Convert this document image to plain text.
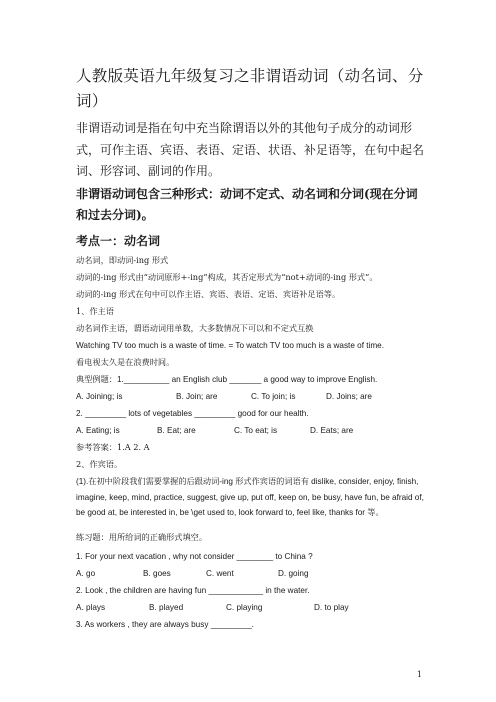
人教版英语九年级复习之非谓语动词（动名词、分词）
非谓语动词是指在句中充当除谓语以外的其他句子成分的动词形式，可作主语、宾语、表语、定语、状语、补足语等，在句中起名词、形容词、副词的作用。
非谓语动词包含三种形式：动词不定式、动名词和分词(现在分词和过去分词)。
考点一：动名词
动名词，即动词-ing 形式
动词的-ing 形式由“动词原形+-ing”构成，其否定形式为“not+动词的-ing 形式”。
动词的-ing 形式在句中可以作主语、宾语、表语、定语、宾语补足语等。
1、作主语
动名词作主语，谓语动词用单数，大多数情况下可以和不定式互换
Watching TV too much is a waste of time. = To watch TV too much is a waste of time.
看电视太久是在浪费时间。
典型例题：1.__________ an English club _______ a good way to improve English.
A. Joining; is	B. Join; are	C. To join; is	D. Joins; are
2. _________ lots of vegetables _________ good for our health.
A. Eating; is	B. Eat; are	C. To eat; is	D. Eats; are
参考答案：1.A 2. A
2、作宾语。
(1).在初中阶段我们需要掌握的后跟动词-ing 形式作宾语的词语有 dislike, consider, enjoy, finish, imagine, keep, mind, practice, suggest, give up, put off, keep on, be busy, have fun, be afraid of, be good at, be interested in, be \get used to, look forward to, feel like, thanks for 等。
练习题：用所给词的正确形式填空。
1. For your next vacation , why not consider ________ to China ?
A. go	B. goes	C. went	D. going
2. Look , the children are having fun ____________ in the water.
A. plays	B. played	C. playing	D. to play
3. As workers , they are always busy _________.
1
